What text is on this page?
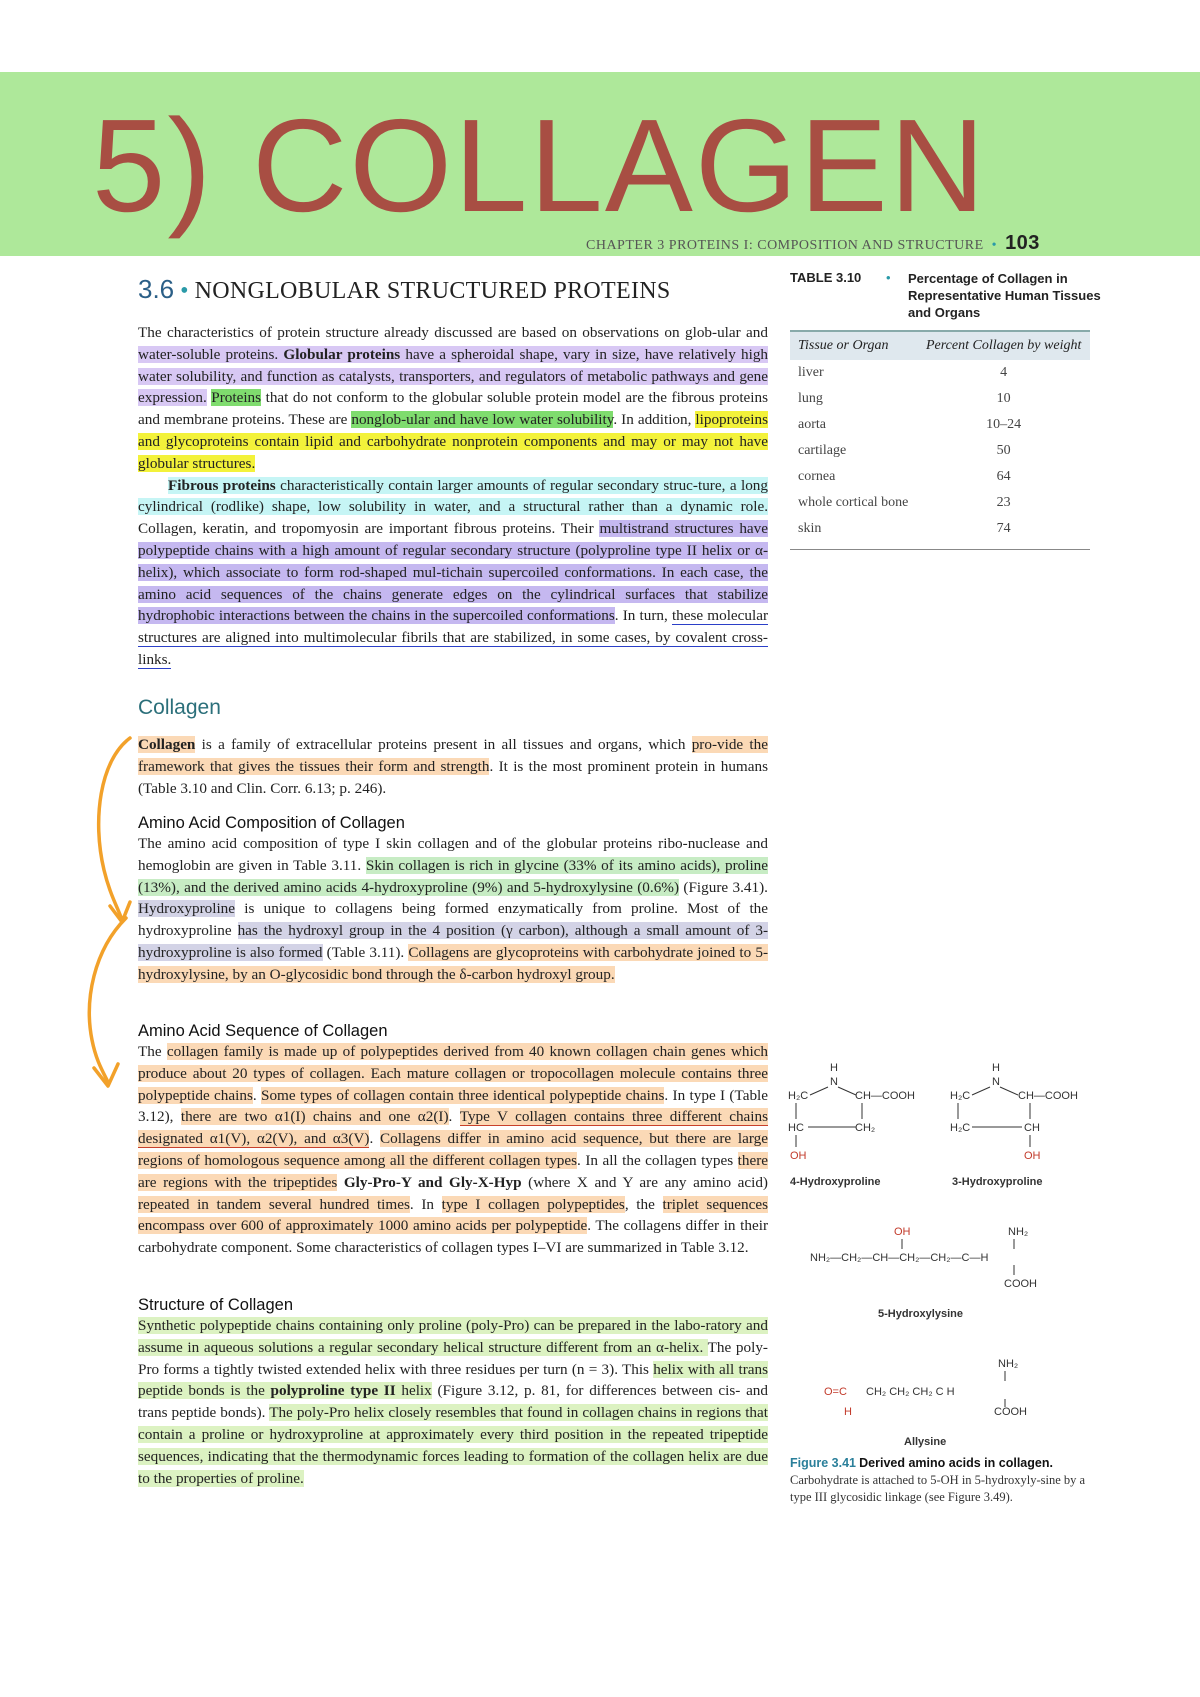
5) COLLAGEN
CHAPTER 3 PROTEINS I: COMPOSITION AND STRUCTURE • 103
3.6 • NONGLOBULAR STRUCTURED PROTEINS

The characteristics of protein structure already discussed are based on observations on glob-ular and water-soluble proteins. Globular proteins have a spheroidal shape, vary in size, have relatively high water solubility, and function as catalysts, transporters, and regulators of metabolic pathways and gene expression. Proteins that do not conform to the globular soluble protein model are the fibrous proteins and membrane proteins. These are nonglob-ular and have low water solubility. In addition, lipoproteins and glycoproteins contain lipid and carbohydrate nonprotein components and may or may not have globular structures.

Fibrous proteins characteristically contain larger amounts of regular secondary struc-ture, a long cylindrical (rodlike) shape, low solubility in water, and a structural rather than a dynamic role. Collagen, keratin, and tropomyosin are important fibrous proteins. Their multistrand structures have polypeptide chains with a high amount of regular secondary structure (polyproline type II helix or α-helix), which associate to form rod-shaped mul-tichain supercoiled conformations. In each case, the amino acid sequences of the chains generate edges on the cylindrical surfaces that stabilize hydrophobic interactions between the chains in the supercoiled conformations. In turn, these molecular structures are aligned into multimolecular fibrils that are stabilized, in some cases, by covalent cross-links.

Collagen

Collagen is a family of extracellular proteins present in all tissues and organs, which pro-vide the framework that gives the tissues their form and strength. It is the most prominent protein in humans (Table 3.10 and Clin. Corr. 6.13; p. 246).

Amino Acid Composition of Collagen

The amino acid composition of type I skin collagen and of the globular proteins ribo-nuclease and hemoglobin are given in Table 3.11. Skin collagen is rich in glycine (33% of its amino acids), proline (13%), and the derived amino acids 4-hydroxyproline (9%) and 5-hydroxylysine (0.6%) (Figure 3.41). Hydroxyproline is unique to collagens being formed enzymatically from proline. Most of the hydroxyproline has the hydroxyl group in the 4 position (γ carbon), although a small amount of 3-hydroxyproline is also formed (Table 3.11). Collagens are glycoproteins with carbohydrate joined to 5-hydroxylysine, by an O-glycosidic bond through the δ-carbon hydroxyl group.

Amino Acid Sequence of Collagen

The collagen family is made up of polypeptides derived from 40 known collagen chain genes which produce about 20 types of collagen. Each mature collagen or tropocollagen molecule contains three polypeptide chains. Some types of collagen contain three identical polypeptide chains. In type I (Table 3.12), there are two α1(I) chains and one α2(I). Type V collagen contains three different chains designated α1(V), α2(V), and α3(V). Collagens differ in amino acid sequence, but there are large regions of homologous sequence among all the different collagen types. In all the collagen types there are regions with the tripeptides Gly-Pro-Y and Gly-X-Hyp (where X and Y are any amino acid) repeated in tandem several hundred times. In type I collagen polypeptides, the triplet sequences encompass over 600 of approximately 1000 amino acids per polypeptide. The collagens differ in their carbohydrate component. Some characteristics of collagen types I–VI are summarized in Table 3.12.

Structure of Collagen

Synthetic polypeptide chains containing only proline (poly-Pro) can be prepared in the labo-ratory and assume in aqueous solutions a regular secondary helical structure different from an α-helix. The poly-Pro forms a tightly twisted extended helix with three residues per turn (n = 3). This helix with all trans peptide bonds is the polyproline type II helix (Figure 3.12, p. 81, for differences between cis- and trans peptide bonds). The poly-Pro helix closely resembles that found in collagen chains in regions that contain a proline or hydroxyproline at approximately every third position in the repeated tripeptide sequences, indicating that the thermodynamic forces leading to formation of the collagen helix are due to the properties of proline.

TABLE 3.10 • Percentage of Collagen in Representative Human Tissues and Organs
Tissue or Organ	Percent Collagen by weight
liver	4
lung	10
aorta	10–24
cartilage	50
cornea	64
whole cortical bone	23
skin	74
H
N
H₂C	CH—COOH
HC	CH₂
OH
4-Hydroxyproline
H
N
H₂C	CH—COOH
H₂C	CH
OH
3-Hydroxyproline
OH	NH₂
NH₂—CH₂—CH—CH₂—CH₂—C—H
COOH
5-Hydroxylysine
NH₂
O=C CH₂ CH₂ CH₂ C H
H	COOH
Allysine
Figure 3.41 Derived amino acids in collagen. Carbohydrate is attached to 5-OH in 5-hydroxyly-sine by a type III glycosidic linkage (see Figure 3.49).
